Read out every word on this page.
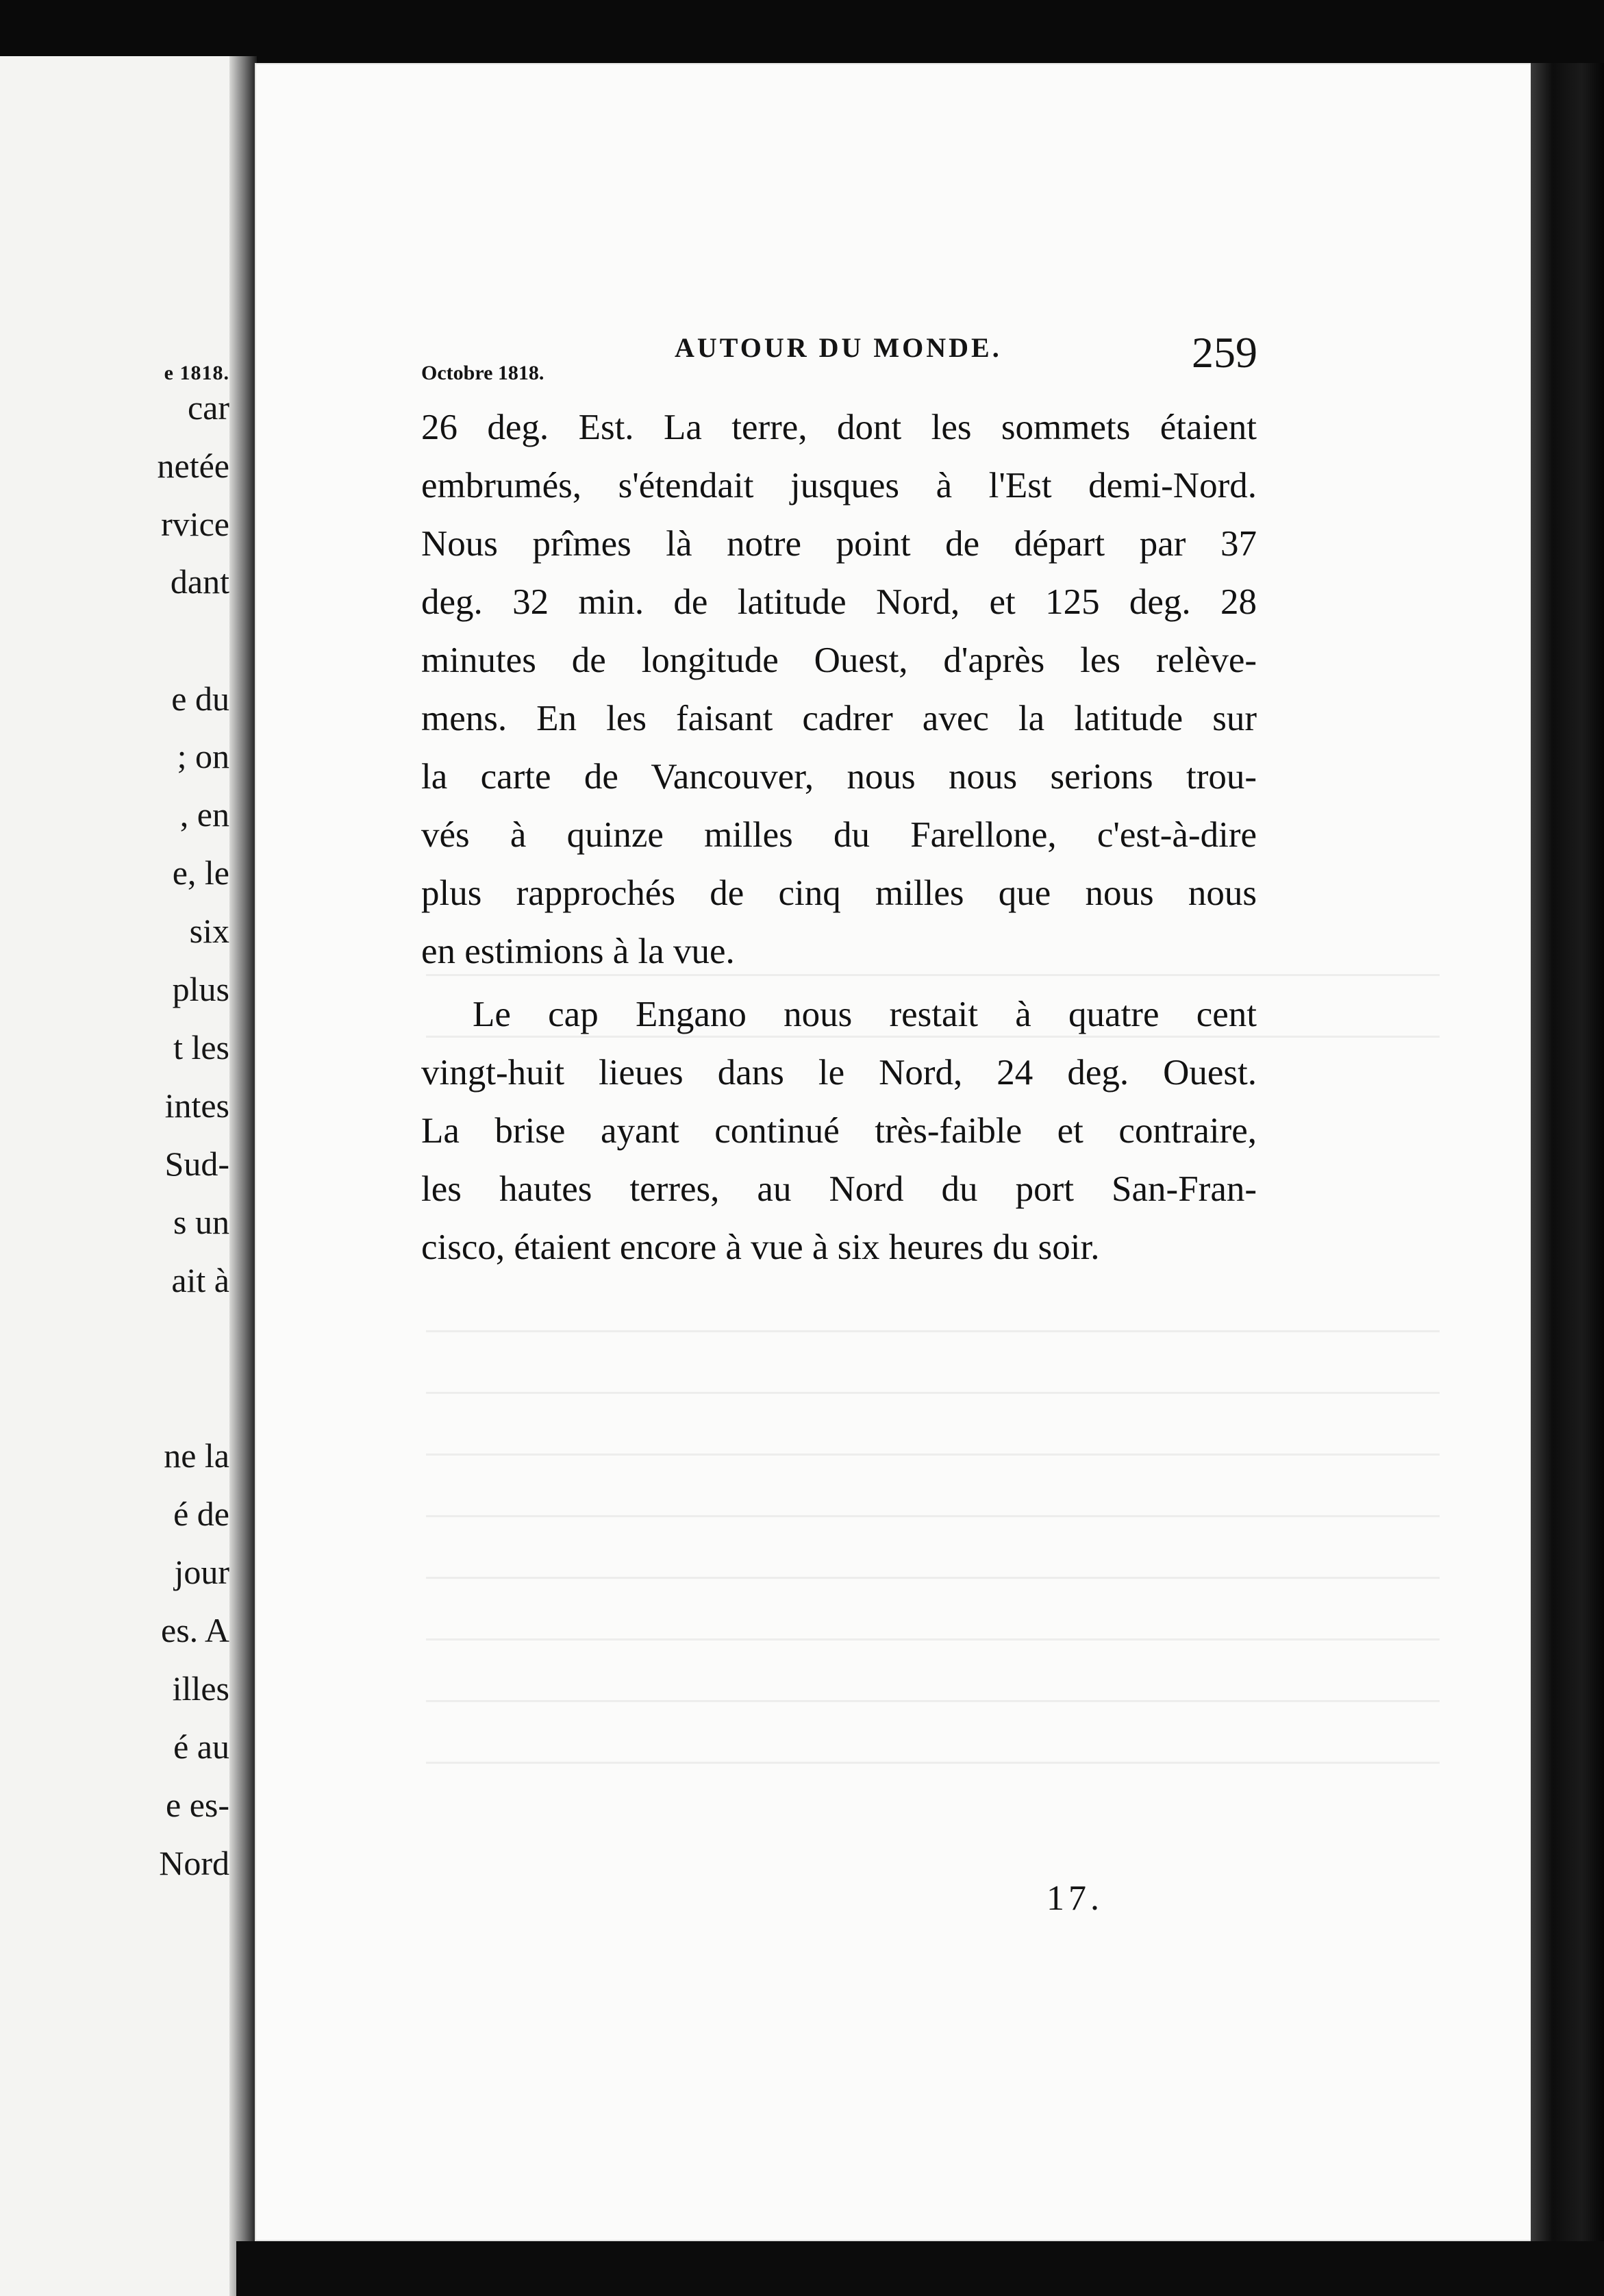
e 1818.
car
netée
rvice
dant
e du
; on
, en
e, le
six
plus
t les
intes
Sud-
s un
ait à
ne la
é de
jour
es. A
illes
é au
e es-
Nord
AUTOUR DU MONDE.	259
Octobre 1818.
26 deg. Est. La terre, dont les sommets étaient
embrumés, s'étendait jusques à l'Est demi-Nord.
Nous prîmes là notre point de départ par 37
deg. 32 min. de latitude Nord, et 125 deg. 28
minutes de longitude Ouest, d'après les relève-
mens. En les faisant cadrer avec la latitude sur
la carte de Vancouver, nous nous serions trou-
vés à quinze milles du Farellone, c'est-à-dire
plus rapprochés de cinq milles que nous nous
en estimions à la vue.
Le cap Engano nous restait à quatre cent
vingt-huit lieues dans le Nord, 24 deg. Ouest.
La brise ayant continué très-faible et contraire,
les hautes terres, au Nord du port San-Fran-
cisco, étaient encore à vue à six heures du soir.
17.
